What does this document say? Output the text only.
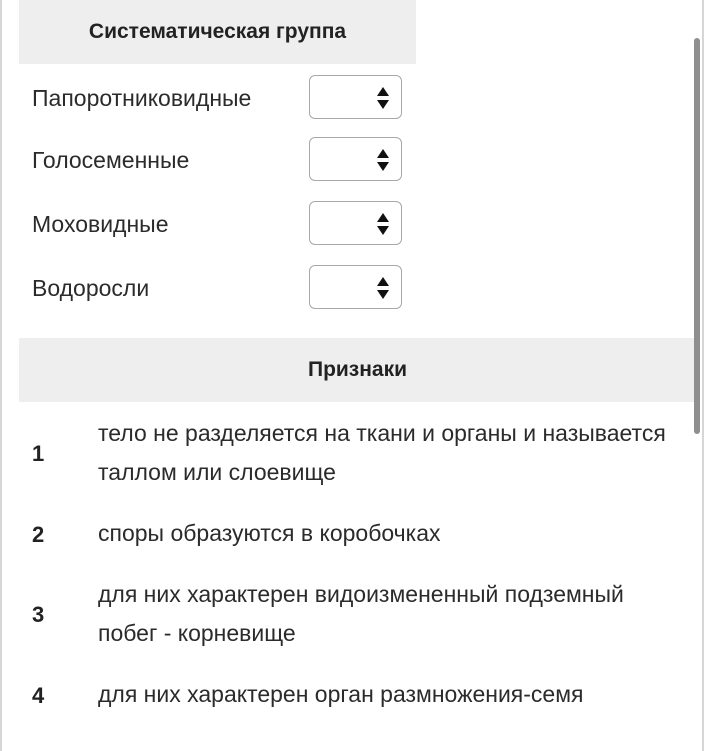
Систематическая группа
Папоротниковидные
Голосеменные
Моховидные
Водоросли
Признаки
1
тело не разделяется на ткани и органы и называется таллом или слоевище
2 споры образуются в коробочках
3
для них характерен видоизмененный подземный побег - корневище
4 для них характерен орган размножения-семя
